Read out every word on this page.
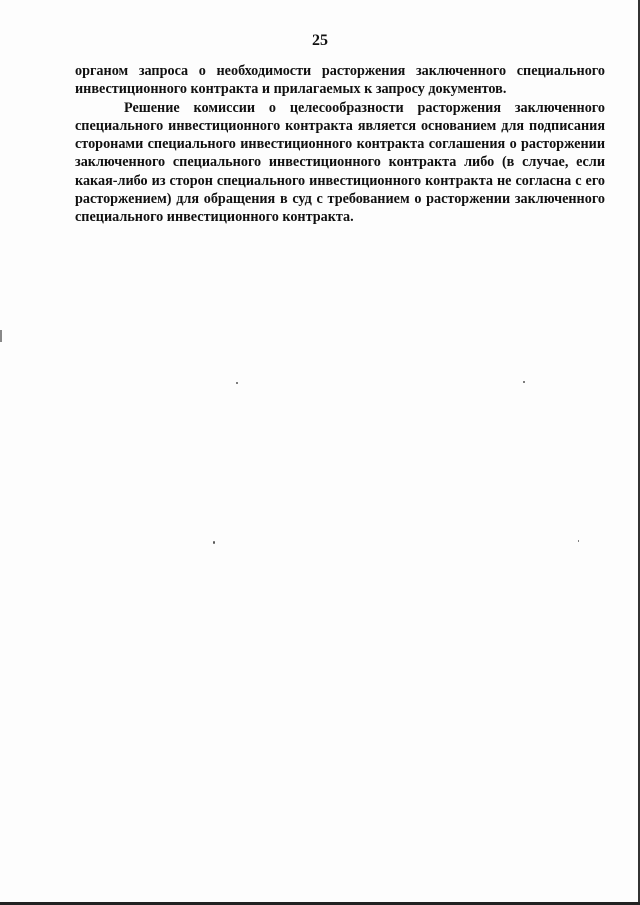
25

органом запроса о необходимости расторжения заключенного специального инвестиционного контракта и прилагаемых к запросу документов.

Решение комиссии о целесообразности расторжения заключенного специального инвестиционного контракта является основанием для подписания сторонами специального инвестиционного контракта соглашения о расторжении заключенного специального инвестиционного контракта либо (в случае, если какая-либо из сторон специального инвестиционного контракта не согласна с его расторжением) для обращения в суд с требованием о расторжении заключенного специального инвестиционного контракта.
